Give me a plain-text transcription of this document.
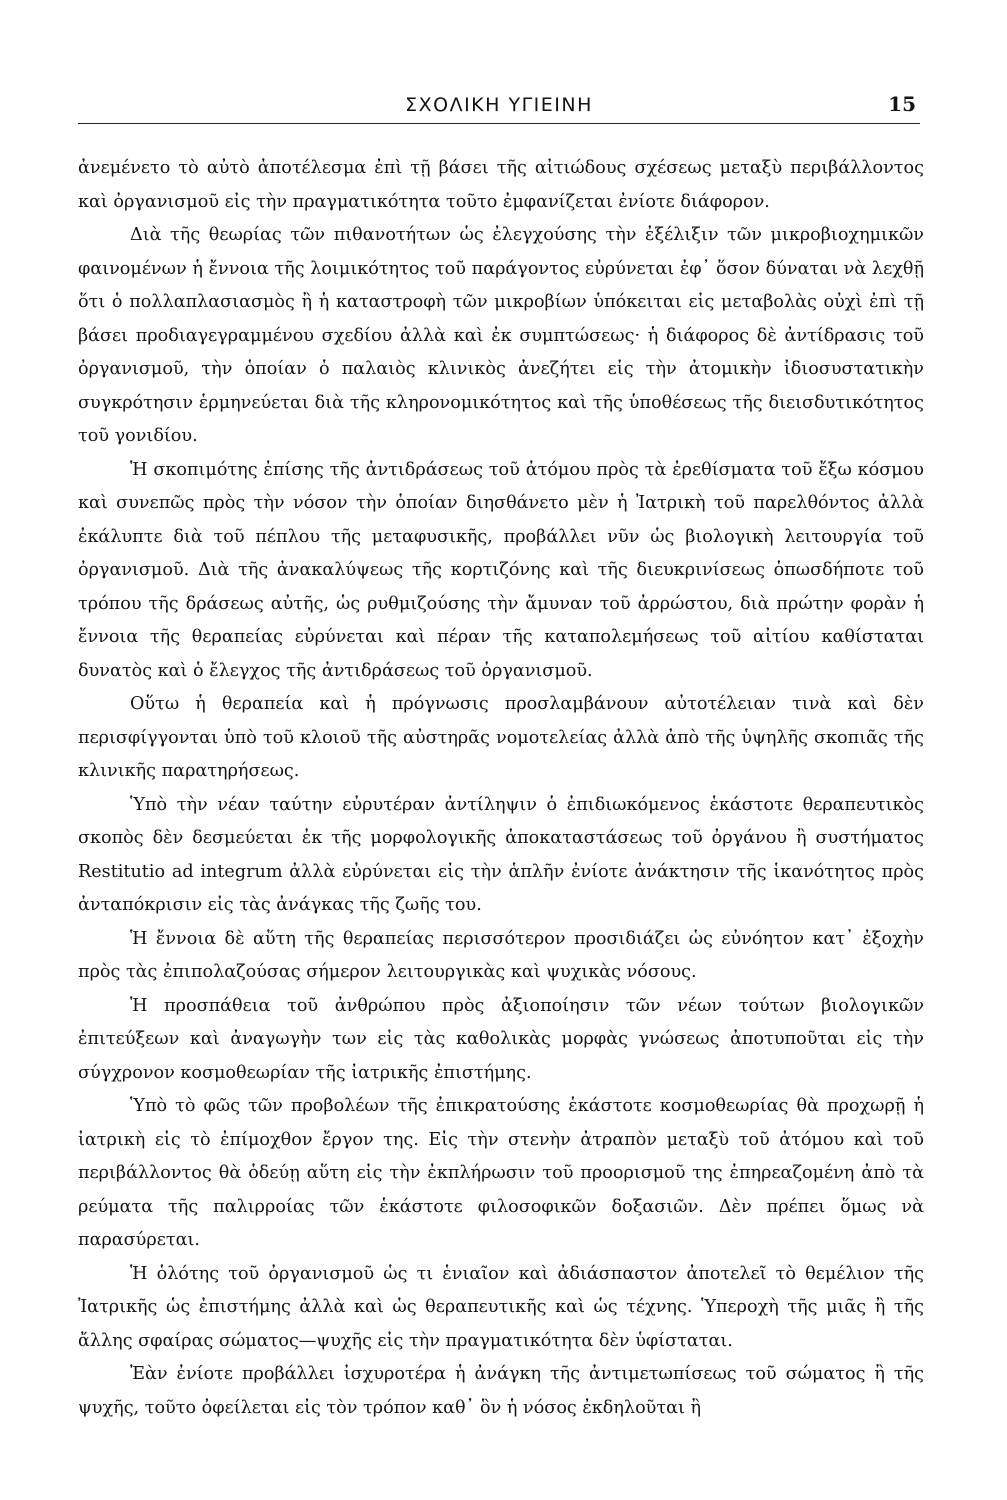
ΣΧΟΛΙΚΗ ΥΓΙΕΙΝΗ	15

ἀνεμένετο τὸ αὐτὸ ἀποτέλεσμα ἐπὶ τῇ βάσει τῆς αἰτιώδους σχέσεως μεταξὺ περιβάλλοντος καὶ ὀργανισμοῦ εἰς τὴν πραγματικότητα τοῦτο ἐμφανίζεται ἐνίοτε διάφορον.

Διὰ τῆς θεωρίας τῶν πιθανοτήτων ὡς ἐλεγχούσης τὴν ἐξέλιξιν τῶν μικροβιοχημικῶν φαινομένων ἡ ἔννοια τῆς λοιμικότητος τοῦ παράγοντος εὐρύνεται ἐφ᾽ ὅσον δύναται νὰ λεχθῇ ὅτι ὁ πολλαπλασιασμὸς ἢ ἡ καταστροφὴ τῶν μικροβίων ὑπόκειται εἰς μεταβολὰς οὐχὶ ἐπὶ τῇ βάσει προδιαγεγραμμένου σχεδίου ἀλλὰ καὶ ἐκ συμπτώσεως· ἡ διάφορος δὲ ἀντίδρασις τοῦ ὀργανισμοῦ, τὴν ὁποίαν ὁ παλαιὸς κλινικὸς ἀνεζήτει εἰς τὴν ἀτομικὴν ἰδιοσυστατικὴν συγκρότησιν ἑρμηνεύεται διὰ τῆς κληρονομικότητος καὶ τῆς ὑποθέσεως τῆς διεισδυτικότητος τοῦ γονιδίου.

Ἡ σκοπιμότης ἐπίσης τῆς ἀντιδράσεως τοῦ ἀτόμου πρὸς τὰ ἐρεθίσματα τοῦ ἔξω κόσμου καὶ συνεπῶς πρὸς τὴν νόσον τὴν ὁποίαν διησθάνετο μὲν ἡ Ἰατρικὴ τοῦ παρελθόντος ἀλλὰ ἐκάλυπτε διὰ τοῦ πέπλου τῆς μεταφυσικῆς, προβάλλει νῦν ὡς βιολογικὴ λειτουργία τοῦ ὀργανισμοῦ. Διὰ τῆς ἀνακαλύψεως τῆς κορτιζόνης καὶ τῆς διευκρινίσεως ὁπωσδήποτε τοῦ τρόπου τῆς δράσεως αὐτῆς, ὡς ρυθμιζούσης τὴν ἄμυναν τοῦ ἀρρώστου, διὰ πρώτην φορὰν ἡ ἔννοια τῆς θεραπείας εὐρύνεται καὶ πέραν τῆς καταπολεμήσεως τοῦ αἰτίου καθίσταται δυνατὸς καὶ ὁ ἔλεγχος τῆς ἀντιδράσεως τοῦ ὀργανισμοῦ.

Οὕτω ἡ θεραπεία καὶ ἡ πρόγνωσις προσλαμβάνουν αὐτοτέλειαν τινὰ καὶ δὲν περισφίγγονται ὑπὸ τοῦ κλοιοῦ τῆς αὐστηρᾶς νομοτελείας ἀλλὰ ἀπὸ τῆς ὑψηλῆς σκοπιᾶς τῆς κλινικῆς παρατηρήσεως.

Ὑπὸ τὴν νέαν ταύτην εὐρυτέραν ἀντίληψιν ὁ ἐπιδιωκόμενος ἑκάστοτε θεραπευτικὸς σκοπὸς δὲν δεσμεύεται ἐκ τῆς μορφολογικῆς ἀποκαταστάσεως τοῦ ὀργάνου ἢ συστήματος Restitutio ad integrum ἀλλὰ εὐρύνεται εἰς τὴν ἁπλῆν ἐνίοτε ἀνάκτησιν τῆς ἱκανότητος πρὸς ἀνταπόκρισιν εἰς τὰς ἀνάγκας τῆς ζωῆς του.

Ἡ ἔννοια δὲ αὕτη τῆς θεραπείας περισσότερον προσιδιάζει ὡς εὐνόητον κατ᾽ ἐξοχὴν πρὸς τὰς ἐπιπολαζούσας σήμερον λειτουργικὰς καὶ ψυχικὰς νόσους.

Ἡ προσπάθεια τοῦ ἀνθρώπου πρὸς ἀξιοποίησιν τῶν νέων τούτων βιολογικῶν ἐπιτεύξεων καὶ ἀναγωγὴν των εἰς τὰς καθολικὰς μορφὰς γνώσεως ἀποτυποῦται εἰς τὴν σύγχρονον κοσμοθεωρίαν τῆς ἰατρικῆς ἐπιστήμης.

Ὑπὸ τὸ φῶς τῶν προβολέων τῆς ἐπικρατούσης ἑκάστοτε κοσμοθεωρίας θὰ προχωρῇ ἡ ἰατρικὴ εἰς τὸ ἐπίμοχθον ἔργον της. Εἰς τὴν στενὴν ἀτραπὸν μεταξὺ τοῦ ἀτόμου καὶ τοῦ περιβάλλοντος θὰ ὁδεύῃ αὕτη εἰς τὴν ἐκπλήρωσιν τοῦ προορισμοῦ της ἐπηρεαζομένη ἀπὸ τὰ ρεύματα τῆς παλιρροίας τῶν ἑκάστοτε φιλοσοφικῶν δοξασιῶν. Δὲν πρέπει ὅμως νὰ παρασύρεται.

Ἡ ὁλότης τοῦ ὀργανισμοῦ ὡς τι ἑνιαῖον καὶ ἀδιάσπαστον ἀποτελεῖ τὸ θεμέλιον τῆς Ἰατρικῆς ὡς ἐπιστήμης ἀλλὰ καὶ ὡς θεραπευτικῆς καὶ ὡς τέχνης. Ὑπεροχὴ τῆς μιᾶς ἢ τῆς ἄλλης σφαίρας σώματος—ψυχῆς εἰς τὴν πραγματικότητα δὲν ὑφίσταται.

Ἐὰν ἐνίοτε προβάλλει ἰσχυροτέρα ἡ ἀνάγκη τῆς ἀντιμετωπίσεως τοῦ σώματος ἢ τῆς ψυχῆς, τοῦτο ὀφείλεται εἰς τὸν τρόπον καθ᾽ ὃν ἡ νόσος ἐκδηλοῦται ἢ
